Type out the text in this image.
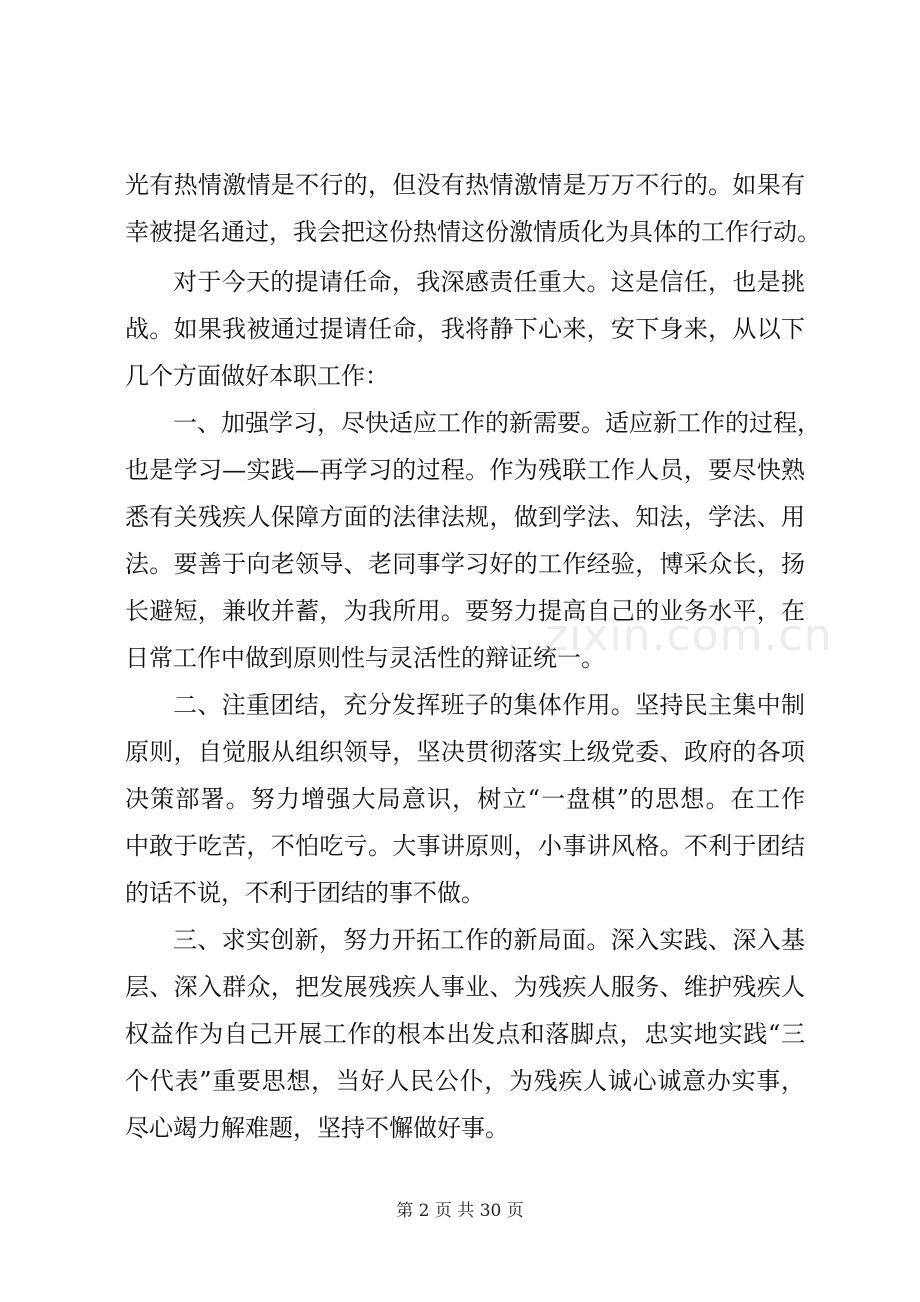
光有热情激情是不行的，但没有热情激情是万万不行的。如果有
幸被提名通过，我会把这份热情这份激情质化为具体的工作行动。
对于今天的提请任命，我深感责任重大。这是信任，也是挑
战。如果我被通过提请任命，我将静下心来，安下身来，从以下
几个方面做好本职工作：
一、加强学习，尽快适应工作的新需要。适应新工作的过程，
也是学习—实践—再学习的过程。作为残联工作人员，要尽快熟
悉有关残疾人保障方面的法律法规，做到学法、知法，学法、用
法。要善于向老领导、老同事学习好的工作经验，博采众长，扬
长避短，兼收并蓄，为我所用。要努力提高自己的业务水平，在
日常工作中做到原则性与灵活性的辩证统一。
二、注重团结，充分发挥班子的集体作用。坚持民主集中制
原则，自觉服从组织领导，坚决贯彻落实上级党委、政府的各项
决策部署。努力增强大局意识，树立“一盘棋”的思想。在工作
中敢于吃苦，不怕吃亏。大事讲原则，小事讲风格。不利于团结
的话不说，不利于团结的事不做。
三、求实创新，努力开拓工作的新局面。深入实践、深入基
层、深入群众，把发展残疾人事业、为残疾人服务、维护残疾人
权益作为自己开展工作的根本出发点和落脚点，忠实地实践“三
个代表”重要思想，当好人民公仆，为残疾人诚心诚意办实事，
尽心竭力解难题，坚持不懈做好事。
zixin.com.cn
第 2 页 共 30 页
